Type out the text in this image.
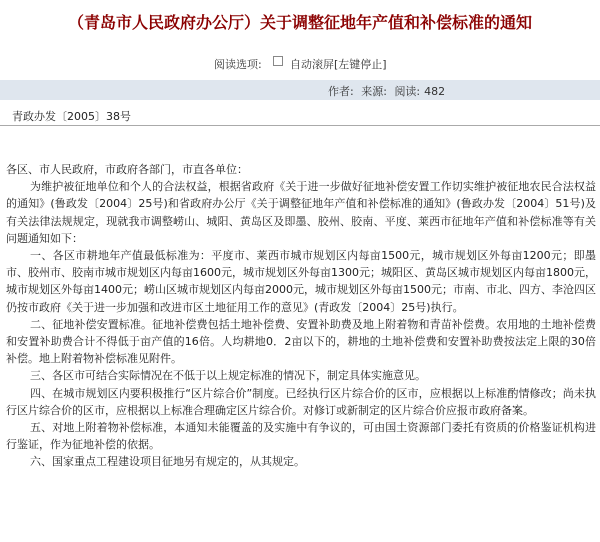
（青岛市人民政府办公厅）关于调整征地年产值和补偿标准的通知
阅读选项:	自动滚屏[左键停止]
作者: 来源: 阅读: 482
青政办发〔2005〕38号

各区、市人民政府，市政府各部门，市直各单位：

为维护被征地单位和个人的合法权益，根据省政府《关于进一步做好征地补偿安置工作切实维护被征地农民合法权益的通知》(鲁政发〔2004〕25号)和省政府办公厅《关于调整征地年产值和补偿标准的通知》(鲁政办发〔2004〕51号)及有关法律法规规定，现就我市调整崂山、城阳、黄岛区及即墨、胶州、胶南、平度、莱西市征地年产值和补偿标准等有关问题通知如下：

一、各区市耕地年产值最低标准为：平度市、莱西市城市规划区内每亩1500元，城市规划区外每亩1200元；即墨市、胶州市、胶南市城市规划区内每亩1600元，城市规划区外每亩1300元；城阳区、黄岛区城市规划区内每亩1800元，城市规划区外每亩1400元；崂山区城市规划区内每亩2000元，城市规划区外每亩1500元；市南、市北、四方、李沧四区仍按市政府《关于进一步加强和改进市区土地征用工作的意见》(青政发〔2004〕25号)执行。

二、征地补偿安置标准。征地补偿费包括土地补偿费、安置补助费及地上附着物和青苗补偿费。农用地的土地补偿费和安置补助费合计不得低于亩产值的16倍。人均耕地0．2亩以下的，耕地的土地补偿费和安置补助费按法定上限的30倍补偿。地上附着物补偿标准见附件。

三、各区市可结合实际情况在不低于以上规定标准的情况下，制定具体实施意见。

四、在城市规划区内要积极推行“区片综合价”制度。已经执行区片综合价的区市，应根据以上标准酌情修改；尚未执行区片综合价的区市，应根据以上标准合理确定区片综合价。对修订或新制定的区片综合价应报市政府备案。

五、对地上附着物补偿标准，本通知未能覆盖的及实施中有争议的，可由国土资源部门委托有资质的价格鉴证机构进行鉴证，作为征地补偿的依据。

六、国家重点工程建设项目征地另有规定的，从其规定。
